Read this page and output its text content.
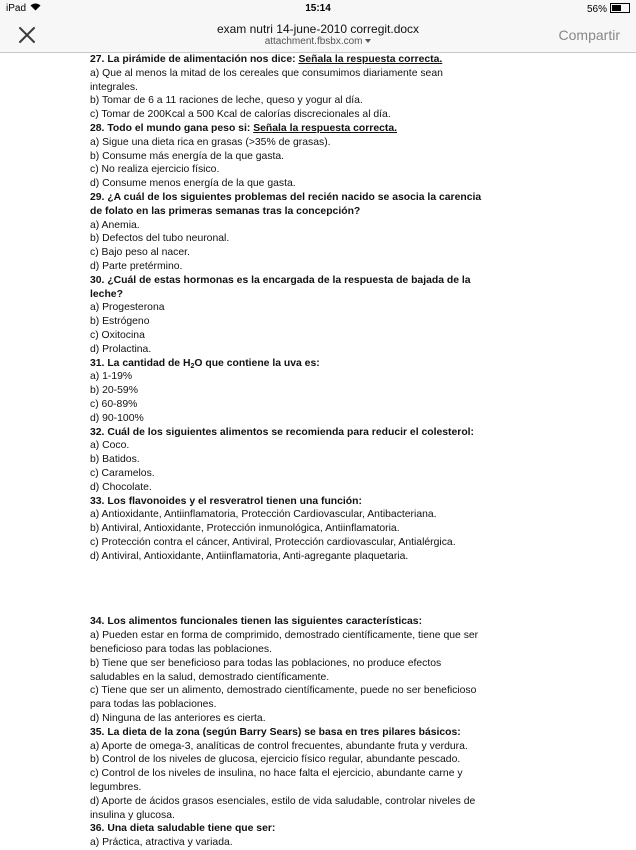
iPad	15:14	56%
exam nutri 14-june-2010 corregit.docx
attachment.fbsbx.com	Compartir

27. La pirámide de alimentación nos dice: Señala la respuesta correcta.

a) Que al menos la mitad de los cereales que consumimos diariamente sean

integrales.

b) Tomar de 6 a 11 raciones de leche, queso y yogur al día.

c) Tomar de 200Kcal a 500 Kcal de calorías discrecionales al día.

28. Todo el mundo gana peso si: Señala la respuesta correcta.

a) Sigue una dieta rica en grasas (>35% de grasas).

b) Consume más energía de la que gasta.

c) No realiza ejercicio físico.

d) Consume menos energía de la que gasta.

29. ¿A cuál de los siguientes problemas del recién nacido se asocia la carencia

de folato en las primeras semanas tras la concepción?

a) Anemia.

b) Defectos del tubo neuronal.

c) Bajo peso al nacer.

d) Parte pretérmino.

30. ¿Cuál de estas hormonas es la encargada de la respuesta de bajada de la

leche?

a) Progesterona

b) Estrógeno

c) Oxitocina

d) Prolactina.

31. La cantidad de $H_2O$ que contiene la uva es:

a) 1-19%

b) 20-59%

c) 60-89%

d) 90-100%

32. Cuál de los siguientes alimentos se recomienda para reducir el colesterol:

a) Coco.

b) Batidos.

c) Caramelos.

d) Chocolate.

33. Los flavonoides y el resveratrol tienen una función:

a) Antioxidante, Antiinflamatoria, Protección Cardiovascular, Antibacteriana.

b) Antiviral, Antioxidante, Protección inmunológica, Antiinflamatoria.

c) Protección contra el cáncer, Antiviral, Protección cardiovascular, Antialérgica.

d) Antiviral, Antioxidante, Antiinflamatoria, Anti-agregante plaquetaria.

34. Los alimentos funcionales tienen las siguientes características:

a) Pueden estar en forma de comprimido, demostrado científicamente, tiene que ser

beneficioso para todas las poblaciones.

b) Tiene que ser beneficioso para todas las poblaciones, no produce efectos

saludables en la salud, demostrado científicamente.

c) Tiene que ser un alimento, demostrado científicamente, puede no ser beneficioso

para todas las poblaciones.

d) Ninguna de las anteriores es cierta.

35. La dieta de la zona (según Barry Sears) se basa en tres pilares básicos:

a) Aporte de omega-3, analíticas de control frecuentes, abundante fruta y verdura.

b) Control de los niveles de glucosa, ejercicio físico regular, abundante pescado.

c) Control de los niveles de insulina, no hace falta el ejercicio, abundante carne y

legumbres.

d) Aporte de ácidos grasos esenciales, estilo de vida saludable, controlar niveles de

insulina y glucosa.

36. Una dieta saludable tiene que ser:

a) Práctica, atractiva y variada.
